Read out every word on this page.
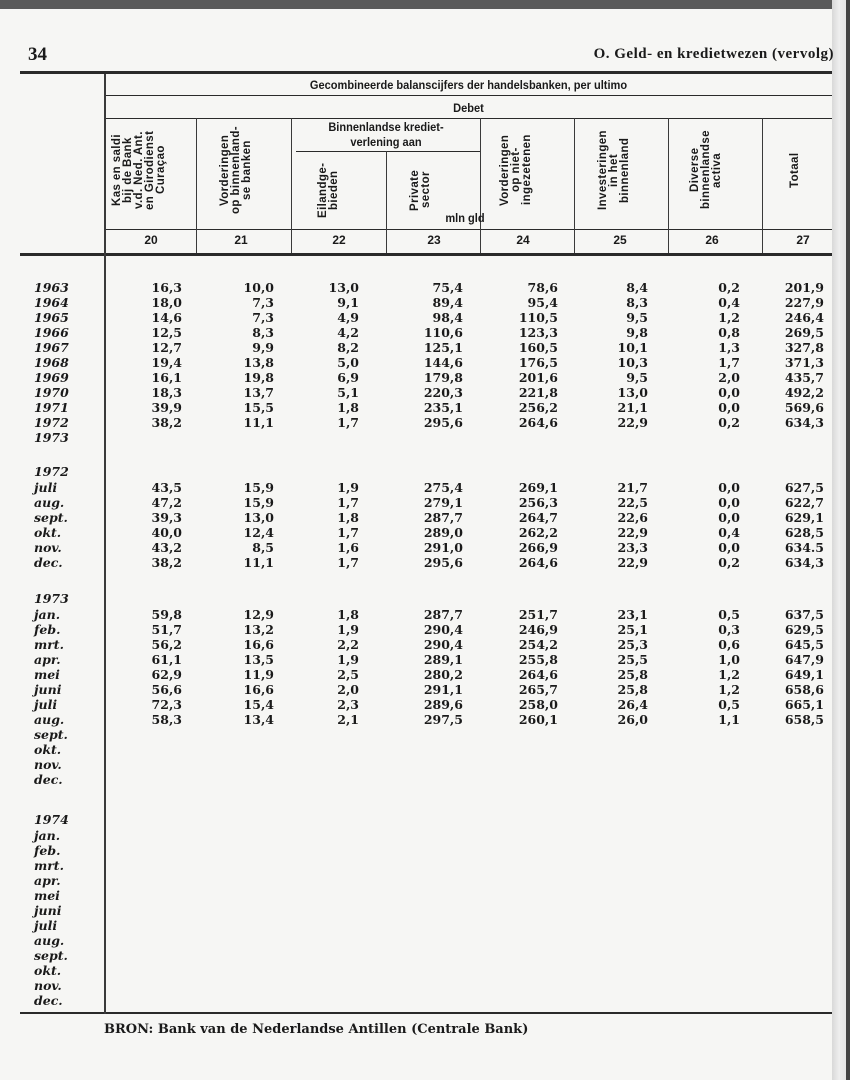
34	O. Geld- en kredietwezen (vervolg)
Gecombineerde balanscijfers der handelsbanken, per ultimo
Debet
Binnenlandse krediet-
verlening aan
mln gld
Kas en saldi bij de Bank v.d. Ned. Ant. en Girodienst Curaçao
20
Vorderingen op binnenland- se banken
21
Eilandge- bieden
22
Private sector
23
Vorderingen op niet- ingezetenen
24
Investeringen in het binnenland
25
Diverse binnenlandse activa
26
Totaal
27
1963	16,3	10,0	13,0	75,4	78,6	8,4	0,2	201,9
1964	18,0	7,3	9,1	89,4	95,4	8,3	0,4	227,9
1965	14,6	7,3	4,9	98,4	110,5	9,5	1,2	246,4
1966	12,5	8,3	4,2	110,6	123,3	9,8	0,8	269,5
1967	12,7	9,9	8,2	125,1	160,5	10,1	1,3	327,8
1968	19,4	13,8	5,0	144,6	176,5	10,3	1,7	371,3
1969	16,1	19,8	6,9	179,8	201,6	9,5	2,0	435,7
1970	18,3	13,7	5,1	220,3	221,8	13,0	0,0	492,2
1971	39,9	15,5	1,8	235,1	256,2	21,1	0,0	569,6
1972	38,2	11,1	1,7	295,6	264,6	22,9	0,2	634,3
1973
1972
juli	43,5	15,9	1,9	275,4	269,1	21,7	0,0	627,5
aug.	47,2	15,9	1,7	279,1	256,3	22,5	0,0	622,7
sept.	39,3	13,0	1,8	287,7	264,7	22,6	0,0	629,1
okt.	40,0	12,4	1,7	289,0	262,2	22,9	0,4	628,5
nov.	43,2	8,5	1,6	291,0	266,9	23,3	0,0	634.5
dec.	38,2	11,1	1,7	295,6	264,6	22,9	0,2	634,3
1973
jan.	59,8	12,9	1,8	287,7	251,7	23,1	0,5	637,5
feb.	51,7	13,2	1,9	290,4	246,9	25,1	0,3	629,5
mrt.	56,2	16,6	2,2	290,4	254,2	25,3	0,6	645,5
apr.	61,1	13,5	1,9	289,1	255,8	25,5	1,0	647,9
mei	62,9	11,9	2,5	280,2	264,6	25,8	1,2	649,1
juni	56,6	16,6	2,0	291,1	265,7	25,8	1,2	658,6
juli	72,3	15,4	2,3	289,6	258,0	26,4	0,5	665,1
aug.	58,3	13,4	2,1	297,5	260,1	26,0	1,1	658,5
sept.
okt.
nov.
dec.
1974
jan.
feb.
mrt.
apr.
mei
juni
juli
aug.
sept.
okt.
nov.
dec.
BRON: Bank van de Nederlandse Antillen (Centrale Bank)
